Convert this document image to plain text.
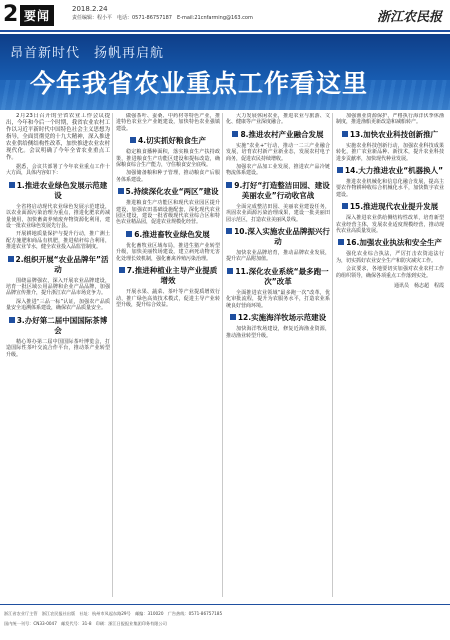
2 要闻	2018.2.24
责任编辑：程小平　电话：0571-86757187　E-mail:21cnfarming@163.com	浙江农民报
昂首新时代　扬帆再启航
今年我省农业重点工作看这里

2月23日召开的全省农业工作会议提出，今年和今后一个时期，我省农业农村工作以习近平新时代中国特色社会主义思想为指导，全面贯彻党的十九大精神，深入推进农业供给侧结构性改革，加快推进农业农村现代化。会议明确了今年全省农业重点工作。

据悉，会议共部署了今年农业重点工作十大方面，具体内容如下：

1.推进农业绿色发展示范建设

全省将启动现代农业绿色发展示范建设，以农业面源污染治理为重点，推进化肥农药减量使用，加快畜禽养殖废弃物资源化利用，建设一批农业绿色发展先行县。

开展耕地质量保护与提升行动，推广测土配方施肥和商品有机肥，推进秸秆综合利用，推进农业节水，健全农业投入品监管制度。

2.组织开展“农业品牌年”活动

围绕品牌强农，深入开展农业品牌建设，培育一批区域公用品牌和企业产品品牌，加强品牌宣传推介，提升浙江农产品市场竞争力。

深入推进“三品一标”认证，加强农产品质量安全追溯体系建设，确保农产品质量安全。

3.办好第二届中国国际茶博会

精心筹办第二届中国国际茶叶博览会，打造国际性茶叶交流合作平台，推动茶产业转型升级。

做强茶叶、蚕桑、中药材等特色产业，推进特色农业全产业链建设，加快特色农业强镇建设。

4.切实抓好粮食生产

稳定粮食播种面积，落实粮食生产扶持政策，推进粮食生产功能区建设和提标改造，确保粮食综合生产能力，守住粮食安全底线。

加强储备粮和种子管理，推动粮食产后服务体系建设。

5.持续深化农业“两区”建设

推进粮食生产功能区和现代农业园区提升建设，加强农田基础设施配套，深化现代农业园区建设，建设一批省级现代农业综合区和特色农业精品园，促进农业规模化经营。

6.推进畜牧业绿色发展

优化畜牧业区域布局，推进生猪产业转型升级，加快美丽牧场建设，建立病死动物无害化处理长效机制，强化畜禽养殖污染治理。

7.推进种植业主导产业提质增效

开展水果、蔬菜、茶叶等产业提质增效行动，推广绿色高效技术模式，促进主导产业转型升级，提升综合效益。

大力发展休闲农业，推进农业与旅游、文化、健康等产业深度融合。

8.推进农村产业融合发展

实施“农业+”行动，推动一二三产业融合发展，培育农村新产业新业态，发展农村电子商务，促进农民持续增收。

加强农产品加工业发展，推进农产品冷链物流体系建设。

9.打好“打造整洁田园、建设美丽农业”行动收官战

全面完成整洁田园、美丽农业建设任务，巩固农业面源污染治理成果，建设一批美丽田园示范区，打造农业美丽风景线。

10.深入实施农业品牌振兴行动

加快农业品牌培育，推动品牌农业发展，提升农产品附加值。

11.深化农业系统“最多跑一次”改革

全面推进农业领域“最多跑一次”改革，优化审批流程，提升为农服务水平，打造农业系统良好营商环境。

12.实施海洋牧场示范建设

加快海洋牧场建设，修复近海渔业资源，推动渔业转型升级。

加强渔业资源保护，严格执行海洋伏季休渔制度，推进渔船更新改造和减船转产。

13.加快农业科技创新推广

实施农业科技创新行动，加强农业科技成果转化，推广农业新品种、新技术，提升农业科技进步贡献率，加快现代种业发展。

14.大力推进农业“机器换人”

推进农业机械化和信息化融合发展，提高主要农作物耕种收综合机械化水平，加快数字农业建设。

15.推进现代农业提升发展

深入推进农业供给侧结构性改革，培育新型农业经营主体，发展农业适度规模经营，推动现代农业高质量发展。

16.加强农业执法和安全生产

强化农业综合执法，严厉打击农资违法行为，切实抓好农业安全生产和防灾减灾工作。

会议要求，各地要切实加强对农业农村工作的组织领导，确保各项重点工作落到实处。

通讯员　杨志超　程霞
浙江省农业厅主管　浙江农民报社出版　社址：杭州市凤起东路29号　邮编：310020　广告热线：0571-86757185
国内统一刊号：CN33-0047　邮发代号：31-8　印刷：浙江日报报业集团印务有限公司
